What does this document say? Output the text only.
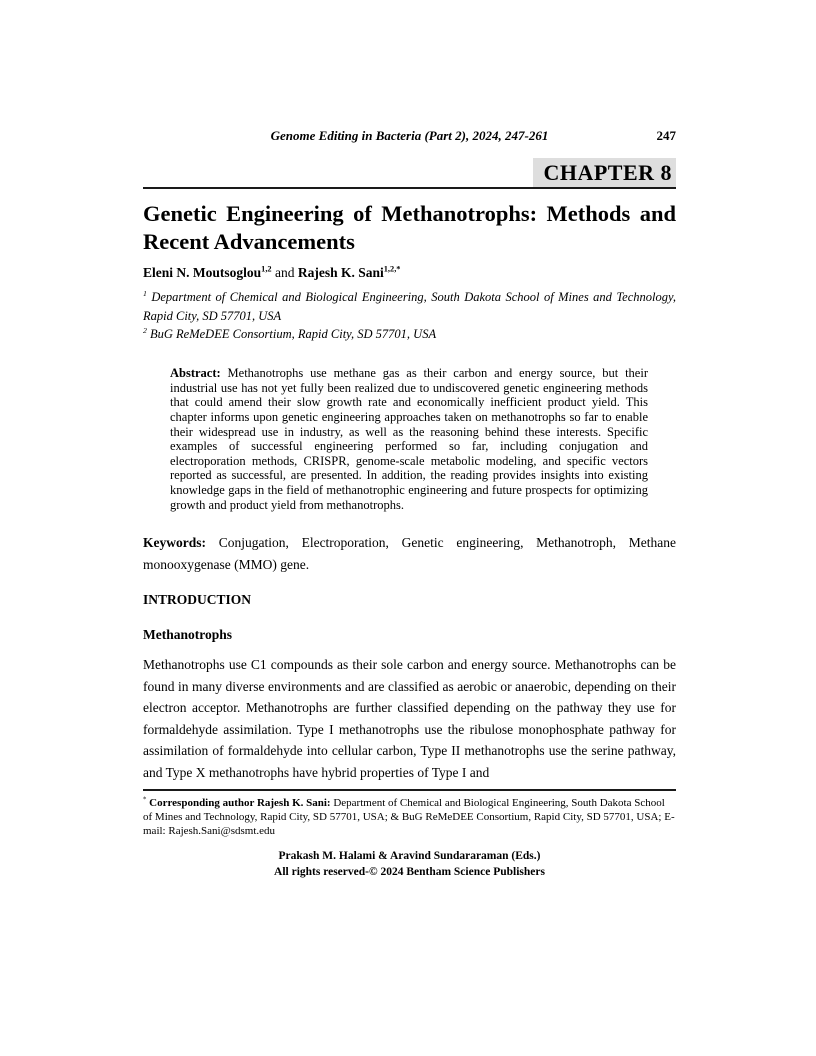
Genome Editing in Bacteria (Part 2), 2024, 247-261	247
CHAPTER 8
Genetic Engineering of Methanotrophs: Methods and Recent Advancements
Eleni N. Moutsoglou$^{1,2}$ and Rajesh K. Sani$^{1,2,*}$
$^1$ Department of Chemical and Biological Engineering, South Dakota School of Mines and Technology, Rapid City, SD 57701, USA
$^2$ BuG ReMeDEE Consortium, Rapid City, SD 57701, USA

Abstract: Methanotrophs use methane gas as their carbon and energy source, but their industrial use has not yet fully been realized due to undiscovered genetic engineering methods that could amend their slow growth rate and economically inefficient product yield. This chapter informs upon genetic engineering approaches taken on methanotrophs so far to enable their widespread use in industry, as well as the reasoning behind these interests. Specific examples of successful engineering performed so far, including conjugation and electroporation methods, CRISPR, genome-scale metabolic modeling, and specific vectors reported as successful, are presented. In addition, the reading provides insights into existing knowledge gaps in the field of methanotrophic engineering and future prospects for optimizing growth and product yield from methanotrophs.

Keywords: Conjugation, Electroporation, Genetic engineering, Methanotroph, Methane monooxygenase (MMO) gene.

INTRODUCTION
Methanotrophs

Methanotrophs use C1 compounds as their sole carbon and energy source. Methanotrophs can be found in many diverse environments and are classified as aerobic or anaerobic, depending on their electron acceptor. Methanotrophs are further classified depending on the pathway they use for formaldehyde assimilation. Type I methanotrophs use the ribulose monophosphate pathway for assimilation of formaldehyde into cellular carbon, Type II methanotrophs use the serine pathway, and Type X methanotrophs have hybrid properties of Type I and

* Corresponding author Rajesh K. Sani: Department of Chemical and Biological Engineering, South Dakota School of Mines and Technology, Rapid City, SD 57701, USA; & BuG ReMeDEE Consortium, Rapid City, SD 57701, USA; E-mail: Rajesh.Sani@sdsmt.edu
Prakash M. Halami & Aravind Sundararaman (Eds.)
All rights reserved-© 2024 Bentham Science Publishers
